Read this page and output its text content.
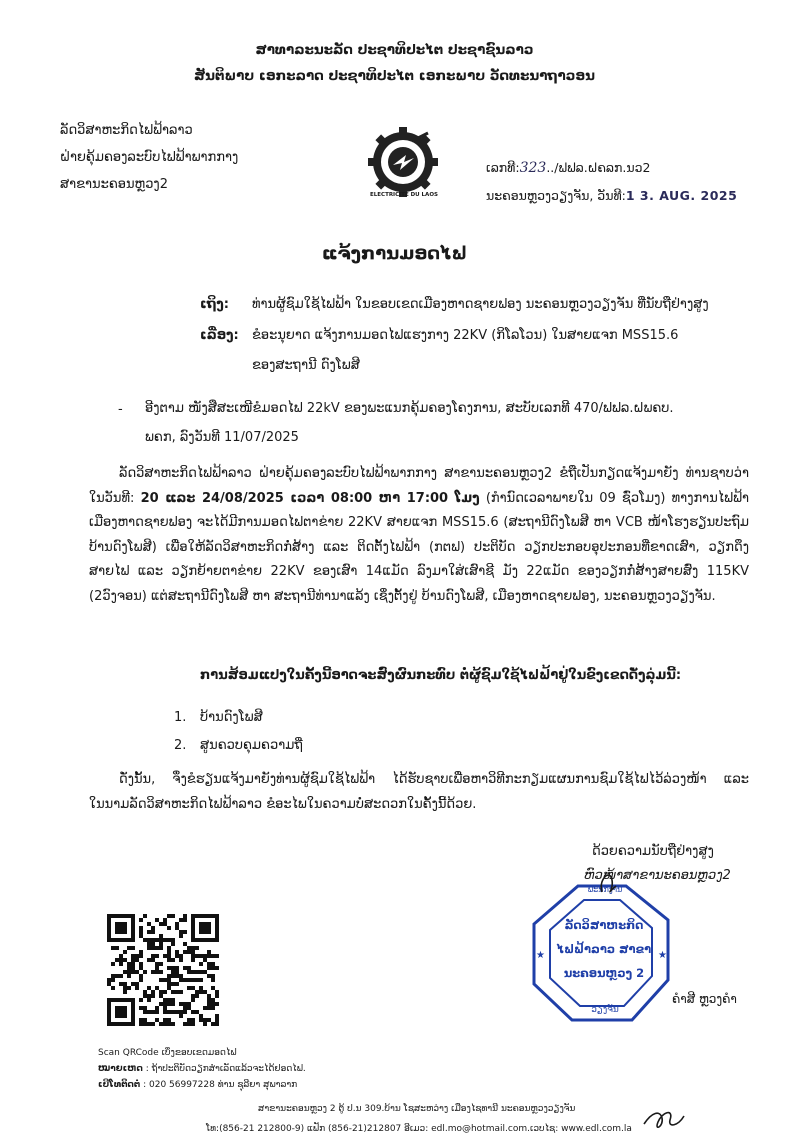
ສາທາລະນະລັດ ປະຊາທິປະໄຕ ປະຊາຊົນລາວ
ສັນຕິພາບ ເອກະລາດ ປະຊາທິປະໄຕ ເອກະພາບ ວັດທະນາຖາວອນ
ລັດວິສາຫະກິດໄຟຟ້າລາວ
ຝ່າຍຄຸ້ມຄອງລະບົບໄຟຟ້າພາກກາງ
ສາຂານະຄອນຫຼວງ2
ELECTRICITE DU LAOS
ເລກທີ:323../ຟຟລ.ຝຄລກ.ນວ2
ນະຄອນຫຼວງວຽງຈັນ, ວັນທີ:1 3. AUG. 2025
ແຈ້ງການມອດໄຟ
ເຖິງ: ທ່ານຜູ້ຊົມໃຊ້ໄຟຟ້າ ໃນຂອບເຂດເມືອງຫາດຊາຍຟອງ ນະຄອນຫຼວງວຽງຈັນ ທີ່ນັບຖືຢ່າງສູງ
ເລື່ອງ: ຂໍອະນຸຍາດ ແຈ້ງການມອດໄຟແຮງກາງ 22KV (ກິໂລໂວນ) ໃນສາຍແຈກ MSS15.6
ຂອງສະຖານີ ດົງໂພສີ
- ອີງຕາມ ໜັງສືສະເໜີຂໍມອດໄຟ 22kV ຂອງພະແນກຄຸ້ມຄອງໂຄງການ, ສະບັບເລກທີ 470/ຟຟລ.ຝພຄບ.
ພຄກ, ລົງວັນທີ 11/07/2025

ລັດວິສາຫະກິດໄຟຟ້າລາວ ຝ່າຍຄຸ້ມຄອງລະບົບໄຟຟ້າພາກກາງ ສາຂານະຄອນຫຼວງ2 ຂໍຖືເປັນກຽດແຈ້ງມາຍັງ ທ່ານຊາບວ່າໃນວັນທີ: 20 ແລະ 24/08/2025 ເວລາ 08:00 ຫາ 17:00 ໂມງ (ກຳນົດເວລາພາຍໃນ 09 ຊົ່ວໂມງ) ທາງການໄຟຟ້າເມືອງຫາດຊາຍຟອງ ຈະໄດ້ມີການມອດໄຟຕາຂ່າຍ 22KV ສາຍແຈກ MSS15.6 (ສະຖານີດົງໂພສີ ຫາ VCB ໜ້າໂຮງຮຽນປະຖົມ ບ້ານດົງໂພສີ) ເພື່ອໃຫ້ລັດວິສາຫະກິດກໍ່ສ້າງ ແລະ ຕິດຕັ້ງໄຟຟ້າ (ກຕຟ) ປະຕິບັດ ວຽກປະກອບອຸປະກອນທີ່ຂາດເສົາ, ວຽກດຶງສາຍໄຟ ແລະ ວຽກຍ້າຍຕາຂ່າຍ 22KV ຂອງເສົາ 14ແມັດ ລົງມາໃສ່ເສົາຊີ ມັງ 22ແມັດ ຂອງວຽກກໍ່ສ້າງສາຍສົ່ງ 115KV (2ວົງຈອນ) ແຕ່ສະຖານີດົງໂພສີ ຫາ ສະຖານີທ່ານາແລ້ງ ເຊິ່ງຕັ້ງຢູ່ ບ້ານດົງໂພສີ, ເມືອງຫາດຊາຍຟອງ, ນະຄອນຫຼວງວຽງຈັນ.

ການສ້ອມແປງໃນຄັ້ງນີ້ອາດຈະສົ່ງຜົນກະທົບ ຕໍ່ຜູ້ຊົມໃຊ້ໄຟຟ້າຢູ່ໃນຂົງເຂດດັ່ງລຸ່ມນີ້:
1. ບ້ານດົງໂພສີ
2. ສູນຄວບຄຸມຄວາມຖີ່

ດັ່ງນັ້ນ, ຈຶ່ງຂໍຮຽນແຈ້ງມາຍັງທ່ານຜູ້ຊົມໃຊ້ໄຟຟ້າ ໄດ້ຮັບຊາບເພື່ອຫາວິທີກະກຽມແຜນການຊົມໃຊ້ໄຟໄວ້ລ່ວງໜ້າ ແລະ ໃນນາມລັດວິສາຫະກິດໄຟຟ້າລາວ ຂໍອະໄພໃນຄວາມບໍ່ສະດວກໃນຄັ້ງນີ້ດ້ວຍ.

ດ້ວຍຄວາມນັບຖືຢ່າງສູງ
ຫົວໜ້າສາຂານະຄອນຫຼວງ2
★	★
ພະນັກງານ
ລັດວິສາຫະກິດ
ໄຟຟ້າລາວ ສາຂາ
ນະຄອນຫຼວງ 2
ວຽງຈັນ
ຄໍາສີ ຫຼວງຄໍາ
Scan QRCode ເບິ່ງຂອບເຂດມອດໄຟ
ໝາຍເຫດ : ຖ້າປະຕິບັດວຽກສຳເລັດແລ້ວຈະໄດ້ຢອດໄຟ.
ເບີໂທຕິດຕໍ່ : 020 56997228 ທ່ານ ຊຸລີຍາ ສຸພາລາກ
ສາຂານະຄອນຫຼວງ 2 ຕູ້ ປ.ນ 309.ບ້ານ ໂຊສະຫວ່າງ ເມືອງໄຊທານີ ນະຄອນຫຼວງວຽງຈັນ
ໂທ:(856-21 212800-9) ແຟັກ (856-21)212807 ອີເມວ: edl.mo@hotmail.com.ເວບໄຊ: www.edl.com.la
